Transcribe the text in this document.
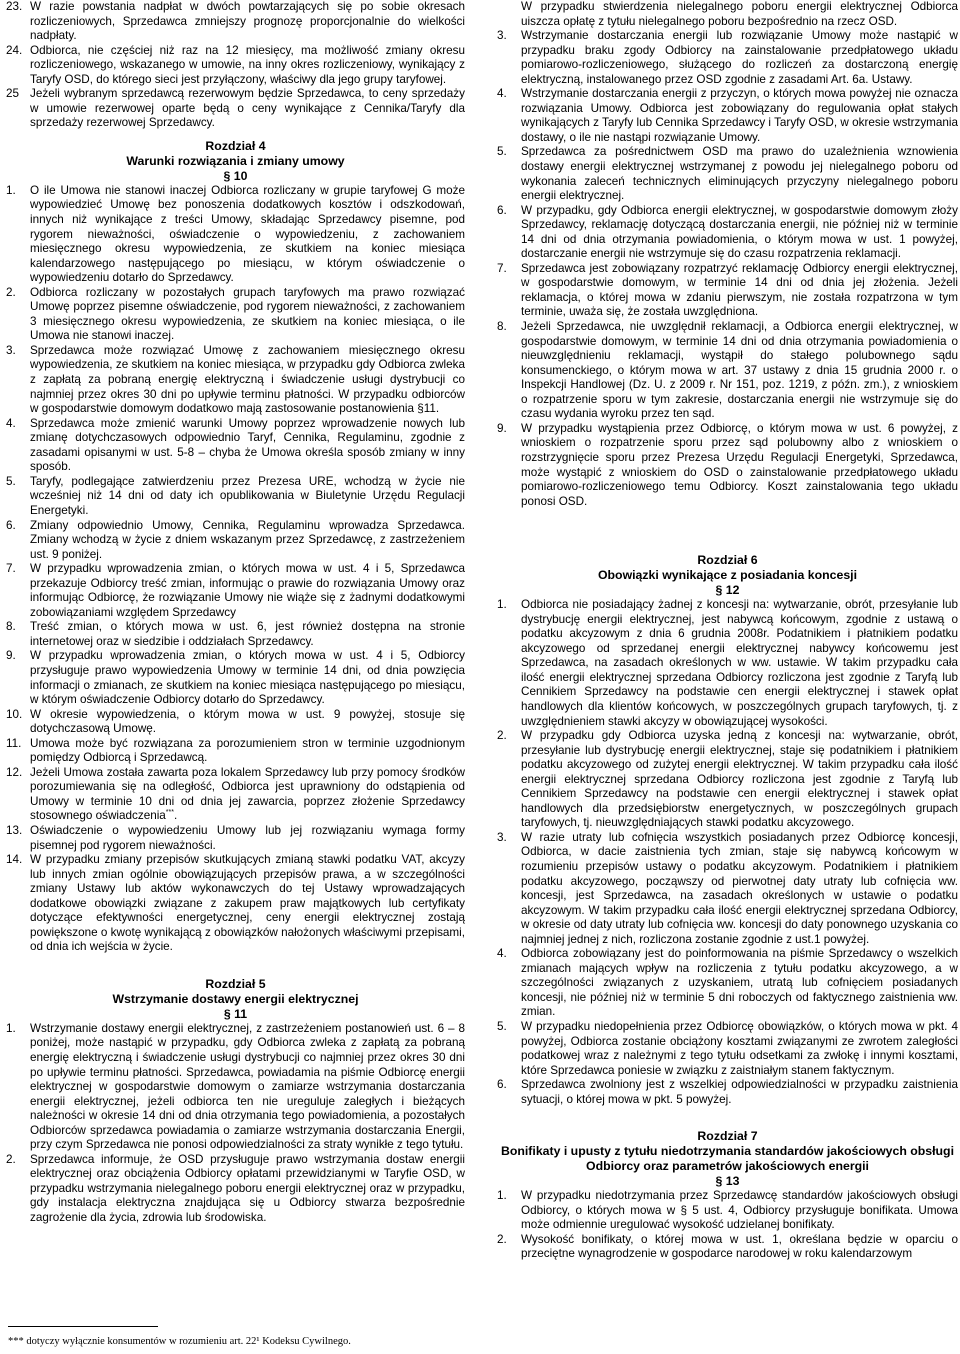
23. W razie powstania nadpłat w dwóch powtarzających się po sobie okresach rozliczeniowych, Sprzedawca zmniejszy prognozę proporcjonalnie do wielkości nadpłaty.

24. Odbiorca, nie częściej niż raz na 12 miesięcy, ma możliwość zmiany okresu rozliczeniowego, wskazanego w umowie, na inny okres rozliczeniowy, wynikający z Taryfy OSD, do którego sieci jest przyłączony, właściwy dla jego grupy taryfowej.

25 Jeżeli wybranym sprzedawcą rezerwowym będzie Sprzedawca, to ceny sprzedaży w umowie rezerwowej oparte będą o ceny wynikające z Cennika/Taryfy dla sprzedaży rezerwowej Sprzedawcy.

Rozdział 4

Warunki rozwiązania i zmiany umowy

§ 10

1. O ile Umowa nie stanowi inaczej Odbiorca rozliczany w grupie taryfowej G może wypowiedzieć Umowę bez ponoszenia dodatkowych kosztów i odszkodowań, innych niż wynikające z treści Umowy, składając Sprzedawcy pisemne, pod rygorem nieważności, oświadczenie o wypowiedzeniu, z zachowaniem miesięcznego okresu wypowiedzenia, ze skutkiem na koniec miesiąca kalendarzowego następującego po miesiącu, w którym oświadczenie o wypowiedzeniu dotarło do Sprzedawcy.

2. Odbiorca rozliczany w pozostałych grupach taryfowych ma prawo rozwiązać Umowę poprzez pisemne oświadczenie, pod rygorem nieważności, z zachowaniem 3 miesięcznego okresu wypowiedzenia, ze skutkiem na koniec miesiąca, o ile Umowa nie stanowi inaczej.

3. Sprzedawca może rozwiązać Umowę z zachowaniem miesięcznego okresu wypowiedzenia, ze skutkiem na koniec miesiąca, w przypadku gdy Odbiorca zwleka z zapłatą za pobraną energię elektryczną i świadczenie usługi dystrybucji co najmniej przez okres 30 dni po upływie terminu płatności. W przypadku odbiorców w gospodarstwie domowym dodatkowo mają zastosowanie postanowienia §11.

4. Sprzedawca może zmienić warunki Umowy poprzez wprowadzenie nowych lub zmianę dotychczasowych odpowiednio Taryf, Cennika, Regulaminu, zgodnie z zasadami opisanymi w ust. 5-8 – chyba że Umowa określa sposób zmiany w inny sposób.

5. Taryfy, podlegające zatwierdzeniu przez Prezesa URE, wchodzą w życie nie wcześniej niż 14 dni od daty ich opublikowania w Biuletynie Urzędu Regulacji Energetyki.

6. Zmiany odpowiednio Umowy, Cennika, Regulaminu wprowadza Sprzedawca. Zmiany wchodzą w życie z dniem wskazanym przez Sprzedawcę, z zastrzeżeniem ust. 9 poniżej.

7. W przypadku wprowadzenia zmian, o których mowa w ust. 4 i 5, Sprzedawca przekazuje Odbiorcy treść zmian, informując o prawie do rozwiązania Umowy oraz informując Odbiorcę, że rozwiązanie Umowy nie wiąże się z żadnymi dodatkowymi zobowiązaniami względem Sprzedawcy

8. Treść zmian, o których mowa w ust. 6, jest również dostępna na stronie internetowej oraz w siedzibie i oddziałach Sprzedawcy.

9. W przypadku wprowadzenia zmian, o których mowa w ust. 4 i 5, Odbiorcy przysługuje prawo wypowiedzenia Umowy w terminie 14 dni, od dnia powzięcia informacji o zmianach, ze skutkiem na koniec miesiąca następującego po miesiącu, w którym oświadczenie Odbiorcy dotarło do Sprzedawcy.

10. W okresie wypowiedzenia, o którym mowa w ust. 9 powyżej, stosuje się dotychczasową Umowę.

11. Umowa może być rozwiązana za porozumieniem stron w terminie uzgodnionym pomiędzy Odbiorcą i Sprzedawcą.

12. Jeżeli Umowa została zawarta poza lokalem Sprzedawcy lub przy pomocy środków porozumiewania się na odległość, Odbiorca jest uprawniony do odstąpienia od Umowy w terminie 10 dni od dnia jej zawarcia, poprzez złożenie Sprzedawcy stosownego oświadczenia***.

13. Oświadczenie o wypowiedzeniu Umowy lub jej rozwiązaniu wymaga formy pisemnej pod rygorem nieważności.

14. W przypadku zmiany przepisów skutkujących zmianą stawki podatku VAT, akcyzy lub innych zmian ogólnie obowiązujących przepisów prawa, a w szczególności zmiany Ustawy lub aktów wykonawczych do tej Ustawy wprowadzających dodatkowe obowiązki związane z zakupem praw majątkowych lub certyfikaty dotyczące efektywności energetycznej, ceny energii elektrycznej zostają powiększone o kwotę wynikającą z obowiązków nałożonych właściwymi przepisami, od dnia ich wejścia w życie.

Rozdział 5

Wstrzymanie dostawy energii elektrycznej

§ 11

1. Wstrzymanie dostawy energii elektrycznej, z zastrzeżeniem postanowień ust. 6 – 8 poniżej, może nastąpić w przypadku, gdy Odbiorca zwleka z zapłatą za pobraną energię elektryczną i świadczenie usługi dystrybucji co najmniej przez okres 30 dni po upływie terminu płatności. Sprzedawca, powiadamia na piśmie Odbiorcę energii elektrycznej w gospodarstwie domowym o zamiarze wstrzymania dostarczania energii elektrycznej, jeżeli odbiorca ten nie ureguluje zaległych i bieżących należności w okresie 14 dni od dnia otrzymania tego powiadomienia, a pozostałych Odbiorców sprzedawca powiadamia o zamiarze wstrzymania dostarczania Energii, przy czym Sprzedawca nie ponosi odpowiedzialności za straty wynikłe z tego tytułu.

2. Sprzedawca informuje, że OSD przysługuje prawo wstrzymania dostaw energii elektrycznej oraz obciążenia Odbiorcy opłatami przewidzianymi w Taryfie OSD, w przypadku wstrzymania nielegalnego poboru energii elektrycznej oraz w przypadku, gdy instalacja elektryczna znajdująca się u Odbiorcy stwarza bezpośrednie zagrożenie dla życia, zdrowia lub środowiska.

*** dotyczy wyłącznie konsumentów w rozumieniu art. 22¹ Kodeksu Cywilnego.

W przypadku stwierdzenia nielegalnego poboru energii elektrycznej Odbiorca uiszcza opłatę z tytułu nielegalnego poboru bezpośrednio na rzecz OSD.

3. Wstrzymanie dostarczania energii lub rozwiązanie Umowy może nastąpić w przypadku braku zgody Odbiorcy na zainstalowanie przedpłatowego układu pomiarowo-rozliczeniowego, służącego do rozliczeń za dostarczoną energię elektryczną, instalowanego przez OSD zgodnie z zasadami Art. 6a. Ustawy.

4. Wstrzymanie dostarczania energii z przyczyn, o których mowa powyżej nie oznacza rozwiązania Umowy. Odbiorca jest zobowiązany do regulowania opłat stałych wynikających z Taryfy lub Cennika Sprzedawcy i Taryfy OSD, w okresie wstrzymania dostawy, o ile nie nastąpi rozwiązanie Umowy.

5. Sprzedawca za pośrednictwem OSD ma prawo do uzależnienia wznowienia dostawy energii elektrycznej wstrzymanej z powodu jej nielegalnego poboru od wykonania zaleceń technicznych eliminujących przyczyny nielegalnego poboru energii elektrycznej.

6. W przypadku, gdy Odbiorca energii elektrycznej, w gospodarstwie domowym złoży Sprzedawcy, reklamację dotyczącą dostarczania energii, nie później niż w terminie 14 dni od dnia otrzymania powiadomienia, o którym mowa w ust. 1 powyżej, dostarczanie energii nie wstrzymuje się do czasu rozpatrzenia reklamacji.

7. Sprzedawca jest zobowiązany rozpatrzyć reklamację Odbiorcy energii elektrycznej, w gospodarstwie domowym, w terminie 14 dni od dnia jej złożenia. Jeżeli reklamacja, o której mowa w zdaniu pierwszym, nie została rozpatrzona w tym terminie, uważa się, że została uwzględniona.

8. Jeżeli Sprzedawca, nie uwzględnił reklamacji, a Odbiorca energii elektrycznej, w gospodarstwie domowym, w terminie 14 dni od dnia otrzymania powiadomienia o nieuwzględnieniu reklamacji, wystąpił do stałego polubownego sądu konsumenckiego, o którym mowa w art. 37 ustawy z dnia 15 grudnia 2000 r. o Inspekcji Handlowej (Dz. U. z 2009 r. Nr 151, poz. 1219, z późn. zm.), z wnioskiem o rozpatrzenie sporu w tym zakresie, dostarczania energii nie wstrzymuje się do czasu wydania wyroku przez ten sąd.

9. W przypadku wystąpienia przez Odbiorcę, o którym mowa w ust. 6 powyżej, z wnioskiem o rozpatrzenie sporu przez sąd polubowny albo z wnioskiem o rozstrzygnięcie sporu przez Prezesa Urzędu Regulacji Energetyki, Sprzedawca, może wystąpić z wnioskiem do OSD o zainstalowanie przedpłatowego układu pomiarowo-rozliczeniowego temu Odbiorcy. Koszt zainstalowania tego układu ponosi OSD.

Rozdział 6

Obowiązki wynikające z posiadania koncesji

§ 12

1. Odbiorca nie posiadający żadnej z koncesji na: wytwarzanie, obrót, przesyłanie lub dystrybucję energii elektrycznej, jest nabywcą końcowym, zgodnie z ustawą o podatku akcyzowym z dnia 6 grudnia 2008r. Podatnikiem i płatnikiem podatku akcyzowego od sprzedanej energii elektrycznej nabywcy końcowemu jest Sprzedawca, na zasadach określonych w ww. ustawie. W takim przypadku cała ilość energii elektrycznej sprzedana Odbiorcy rozliczona jest zgodnie z Taryfą lub Cennikiem Sprzedawcy na podstawie cen energii elektrycznej i stawek opłat handlowych dla klientów końcowych, w poszczególnych grupach taryfowych, tj. z uwzględnieniem stawki akcyzy w obowiązującej wysokości.

2. W przypadku gdy Odbiorca uzyska jedną z koncesji na: wytwarzanie, obrót, przesyłanie lub dystrybucję energii elektrycznej, staje się podatnikiem i płatnikiem podatku akcyzowego od zużytej energii elektrycznej. W takim przypadku cała ilość energii elektrycznej sprzedana Odbiorcy rozliczona jest zgodnie z Taryfą lub Cennikiem Sprzedawcy na podstawie cen energii elektrycznej i stawek opłat handlowych dla przedsiębiorstw energetycznych, w poszczególnych grupach taryfowych, tj. nieuwzględniających stawki podatku akcyzowego.

3. W razie utraty lub cofnięcia wszystkich posiadanych przez Odbiorcę koncesji, Odbiorca, w dacie zaistnienia tych zmian, staje się nabywcą końcowym w rozumieniu przepisów ustawy o podatku akcyzowym. Podatnikiem i płatnikiem podatku akcyzowego, począwszy od pierwotnej daty utraty lub cofnięcia ww. koncesji, jest Sprzedawca, na zasadach określonych w ustawie o podatku akcyzowym. W takim przypadku cała ilość energii elektrycznej sprzedana Odbiorcy, w okresie od daty utraty lub cofnięcia ww. koncesji do daty ponownego uzyskania co najmniej jednej z nich, rozliczona zostanie zgodnie z ust.1 powyżej.

4. Odbiorca zobowiązany jest do poinformowania na piśmie Sprzedawcy o wszelkich zmianach mających wpływ na rozliczenia z tytułu podatku akcyzowego, a w szczególności związanych z uzyskaniem, utratą lub cofnięciem posiadanych koncesji, nie później niż w terminie 5 dni roboczych od faktycznego zaistnienia ww. zmian.

5. W przypadku niedopełnienia przez Odbiorcę obowiązków, o których mowa w pkt. 4 powyżej, Odbiorca zostanie obciążony kosztami związanymi ze zwrotem zaległości podatkowej wraz z należnymi z tego tytułu odsetkami za zwłokę i innymi kosztami, które Sprzedawca poniesie w związku z zaistniałym stanem faktycznym.

6. Sprzedawca zwolniony jest z wszelkiej odpowiedzialności w przypadku zaistnienia sytuacji, o której mowa w pkt. 5 powyżej.

Rozdział 7

Bonifikaty i upusty z tytułu niedotrzymania standardów jakościowych obsługi Odbiorcy oraz parametrów jakościowych energii

§ 13

1. W przypadku niedotrzymania przez Sprzedawcę standardów jakościowych obsługi Odbiorcy, o których mowa w § 5 ust. 4, Odbiorcy przysługuje bonifikata. Umowa może odmiennie uregulować wysokość udzielanej bonifikaty.

2. Wysokość bonifikaty, o której mowa w ust. 1, określana będzie w oparciu o przeciętne wynagrodzenie w gospodarce narodowej w roku kalendarzowym
